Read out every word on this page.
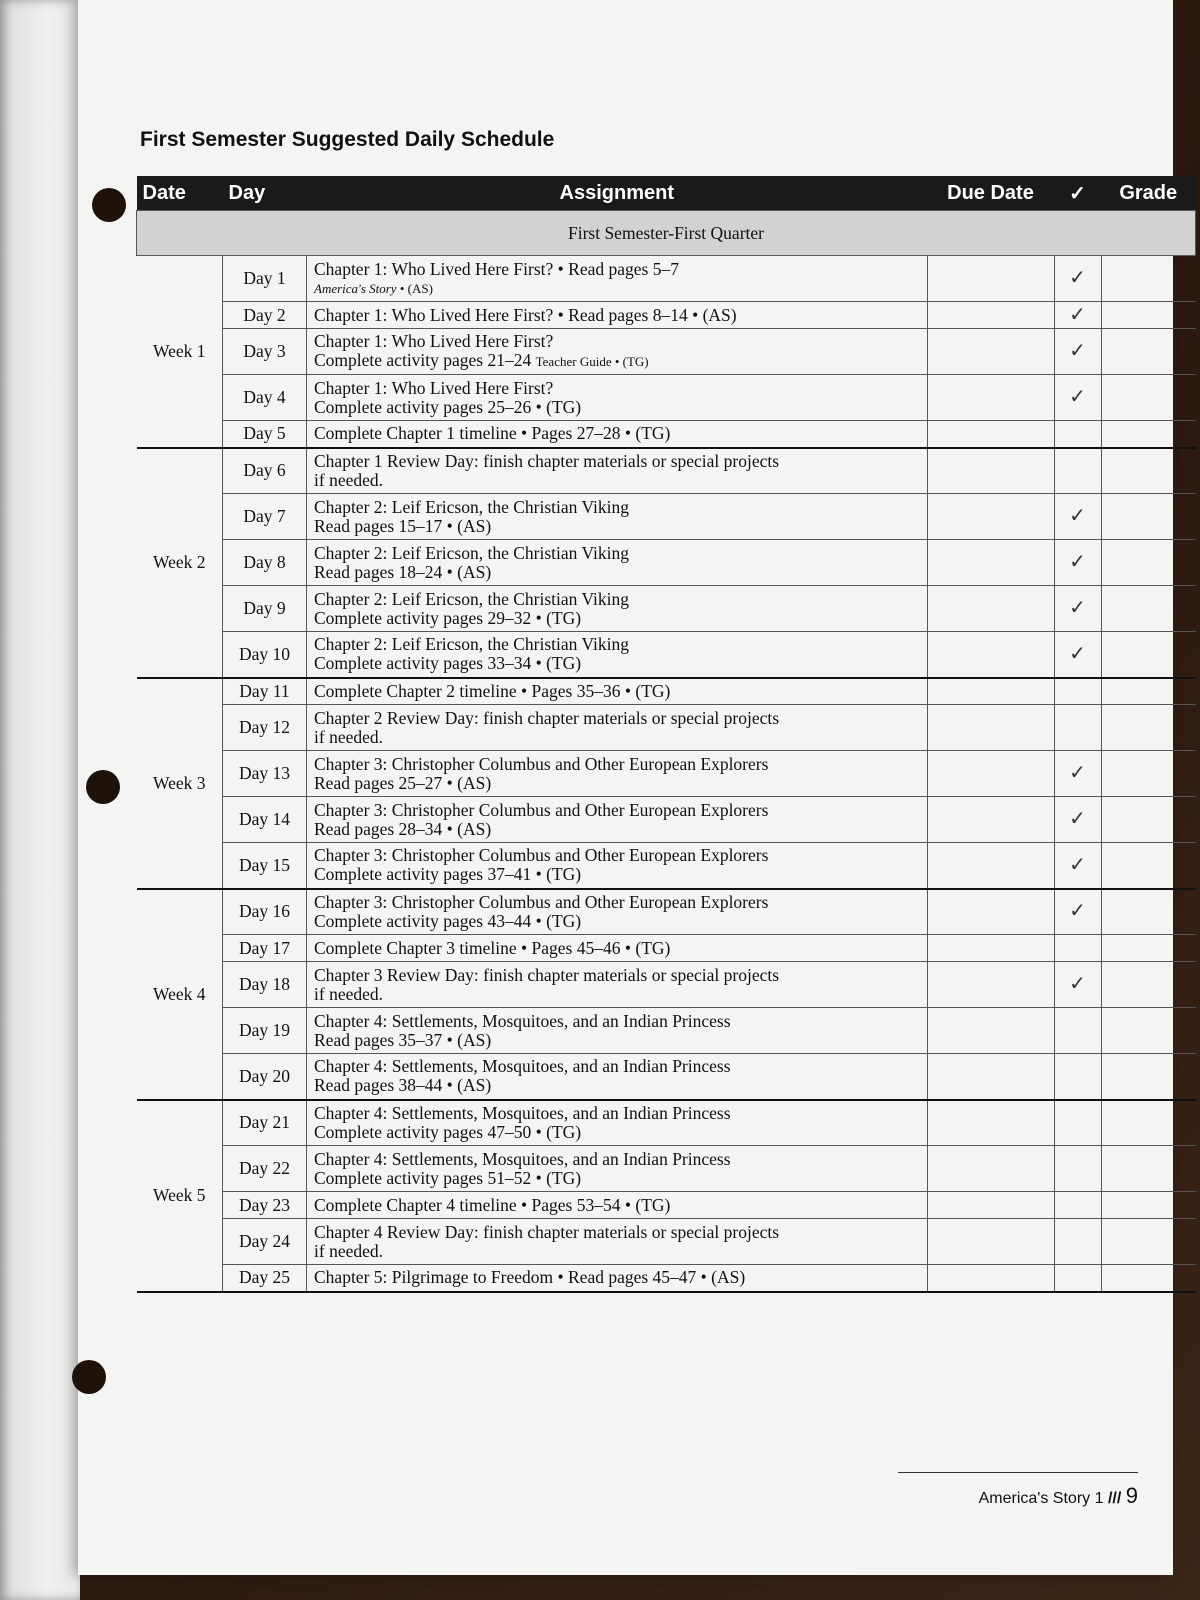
First Semester Suggested Daily Schedule
Date	Day	Assignment	Due Date	✓	Grade
First Semester-First Quarter					
Week 1	Day 1	Chapter 1: Who Lived Here First? • Read pages 5–7
America's Story • (AS)		✓	
	Day 2	Chapter 1: Who Lived Here First? • Read pages 8–14 • (AS)		✓	
	Day 3	Chapter 1: Who Lived Here First?
Complete activity pages 21–24 Teacher Guide • (TG)		✓	
	Day 4	Chapter 1: Who Lived Here First?
Complete activity pages 25–26 • (TG)		✓	
	Day 5	Complete Chapter 1 timeline • Pages 27–28 • (TG)			

Week 2	Day 6	Chapter 1 Review Day: finish chapter materials or special projects
if needed.			

	Day 7	Chapter 2: Leif Ericson, the Christian Viking
Read pages 15–17 • (AS)		✓	
	Day 8	Chapter 2: Leif Ericson, the Christian Viking
Read pages 18–24 • (AS)		✓	
	Day 9	Chapter 2: Leif Ericson, the Christian Viking
Complete activity pages 29–32 • (TG)		✓	
	Day 10	Chapter 2: Leif Ericson, the Christian Viking
Complete activity pages 33–34 • (TG)		✓	
Week 3	Day 11	Complete Chapter 2 timeline • Pages 35–36 • (TG)			

	Day 12	Chapter 2 Review Day: finish chapter materials or special projects
if needed.			

	Day 13	Chapter 3: Christopher Columbus and Other European Explorers
Read pages 25–27 • (AS)		✓	
	Day 14	Chapter 3: Christopher Columbus and Other European Explorers
Read pages 28–34 • (AS)		✓	
	Day 15	Chapter 3: Christopher Columbus and Other European Explorers
Complete activity pages 37–41 • (TG)		✓	
Week 4	Day 16	Chapter 3: Christopher Columbus and Other European Explorers
Complete activity pages 43–44 • (TG)		✓	
	Day 17	Complete Chapter 3 timeline • Pages 45–46 • (TG)			

	Day 18	Chapter 3 Review Day: finish chapter materials or special projects
if needed.		✓	
	Day 19	Chapter 4: Settlements, Mosquitoes, and an Indian Princess
Read pages 35–37 • (AS)			

	Day 20	Chapter 4: Settlements, Mosquitoes, and an Indian Princess
Read pages 38–44 • (AS)			

Week 5	Day 21	Chapter 4: Settlements, Mosquitoes, and an Indian Princess
Complete activity pages 47–50 • (TG)			

	Day 22	Chapter 4: Settlements, Mosquitoes, and an Indian Princess
Complete activity pages 51–52 • (TG)			

	Day 23	Complete Chapter 4 timeline • Pages 53–54 • (TG)			

	Day 24	Chapter 4 Review Day: finish chapter materials or special projects
if needed.			

	Day 25	Chapter 5: Pilgrimage to Freedom • Read pages 45–47 • (AS)			

America's Story 1 /// 9
